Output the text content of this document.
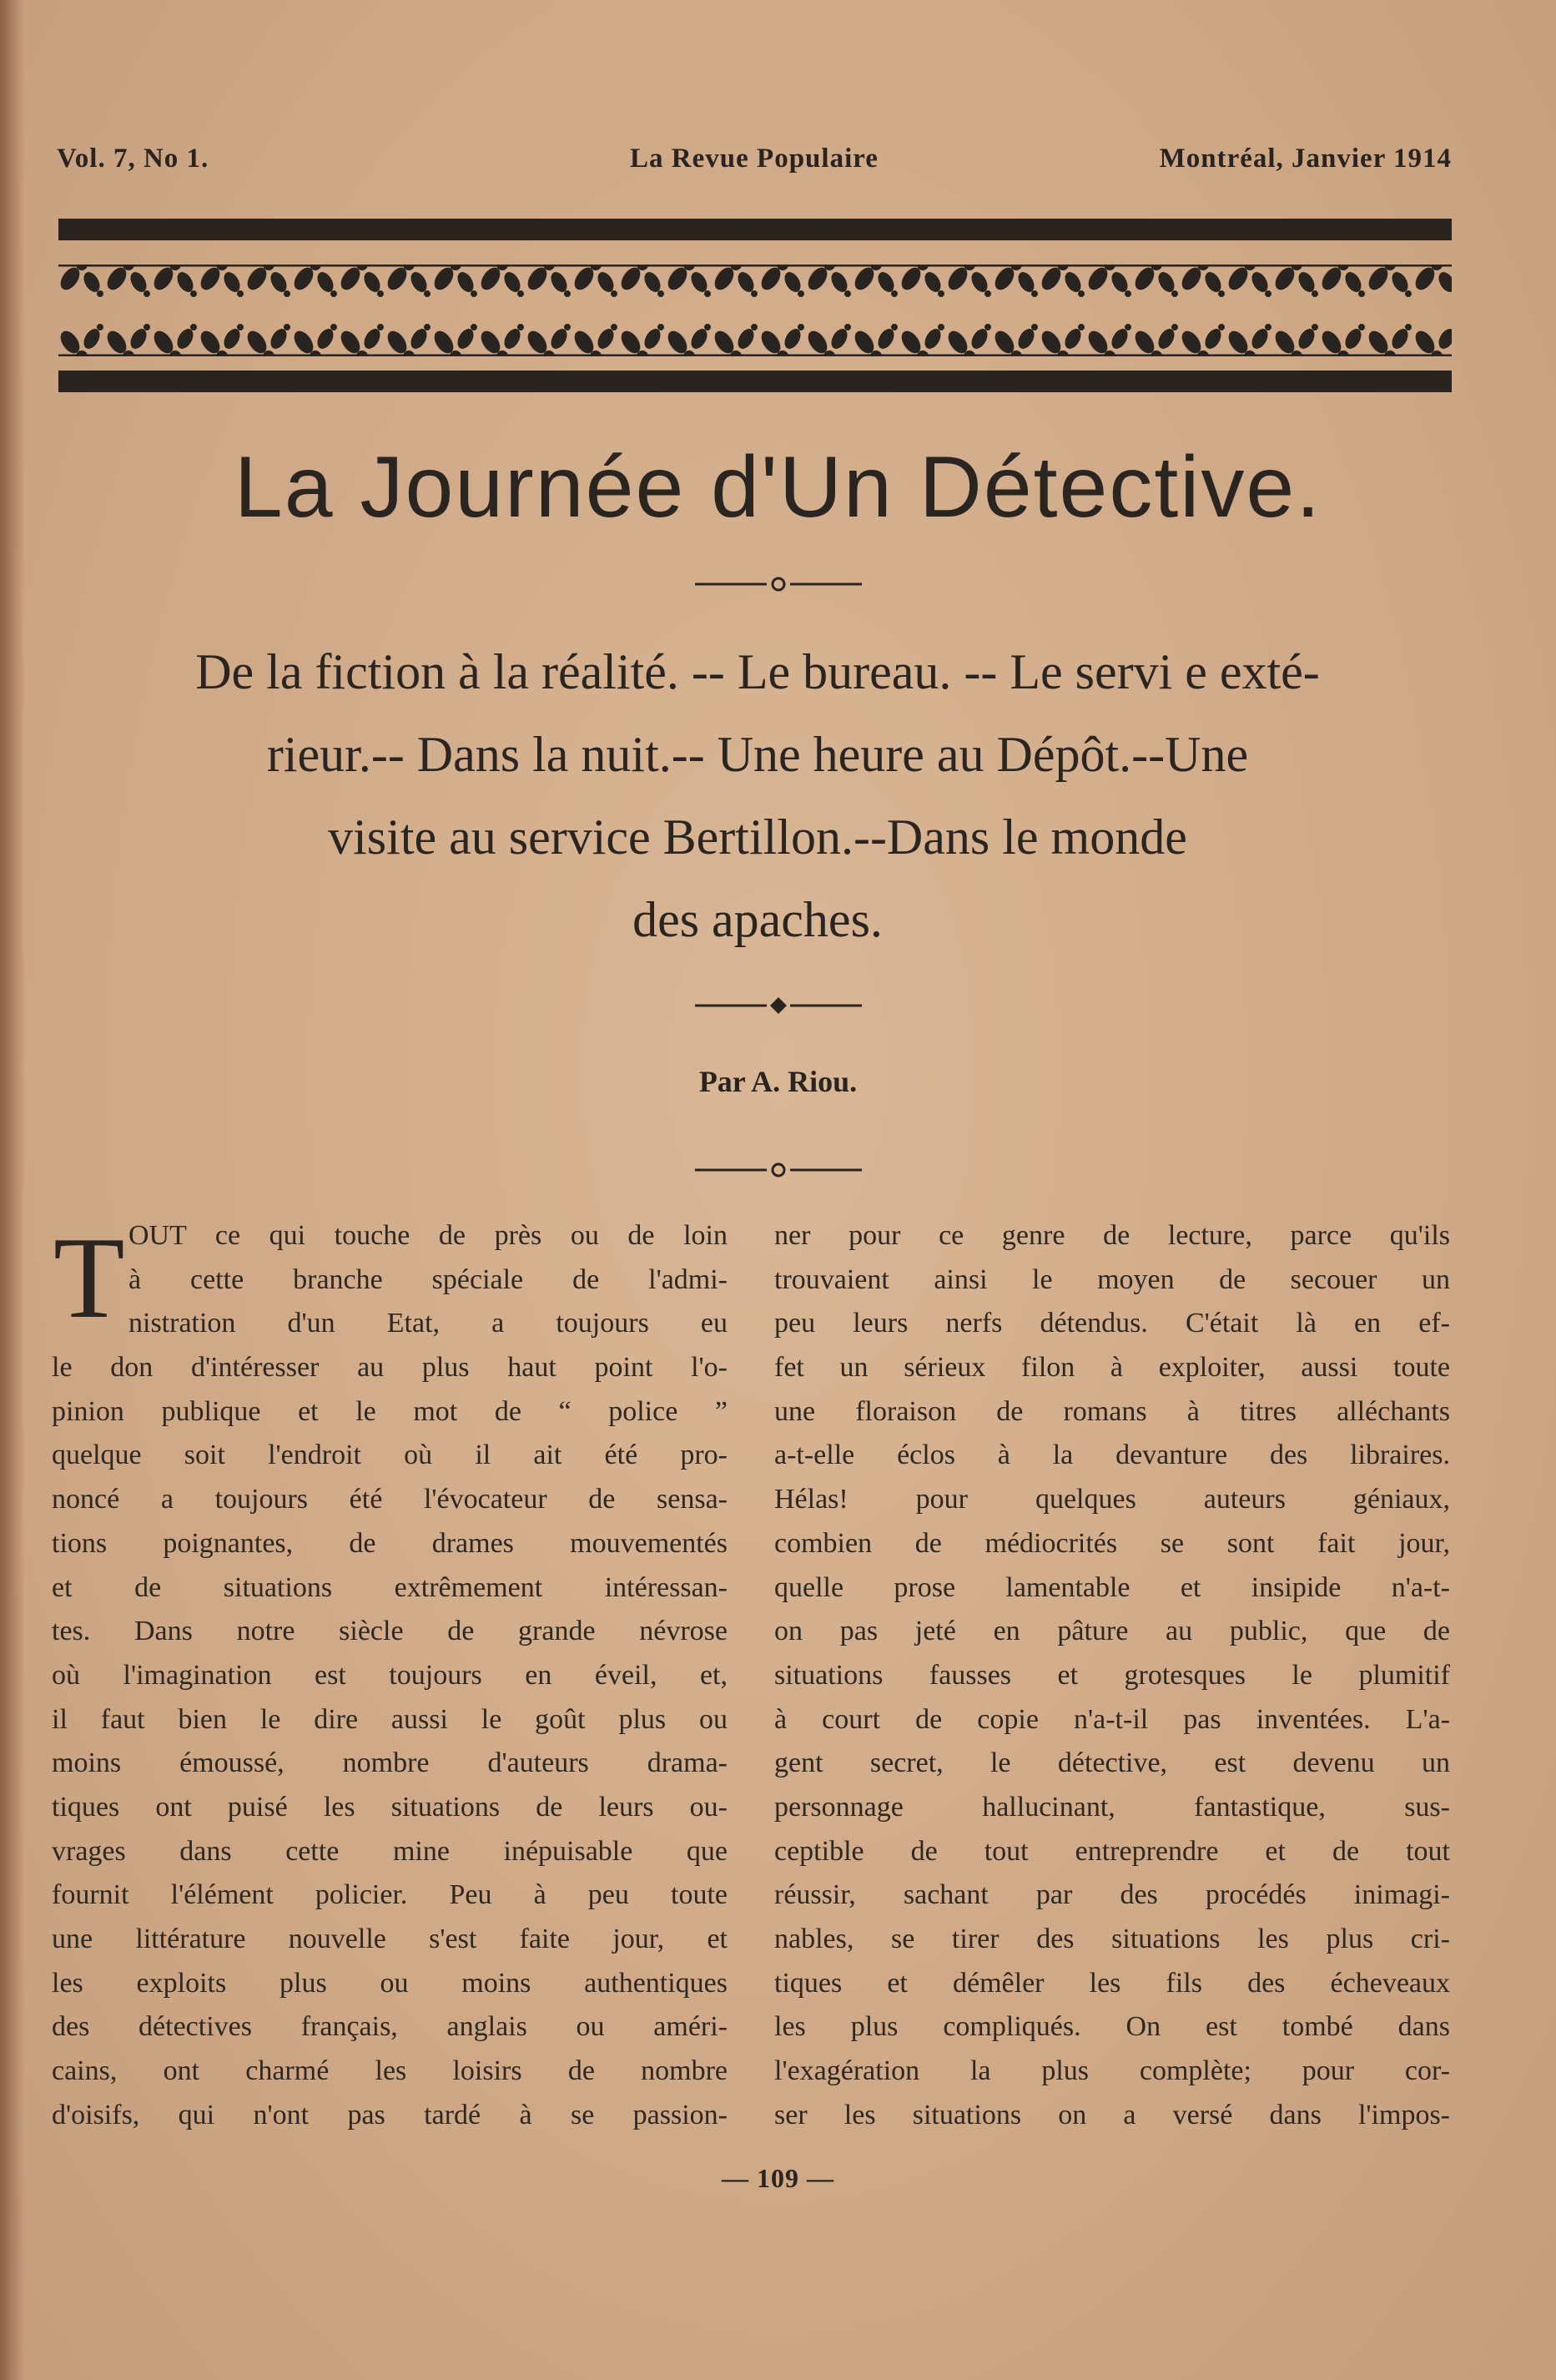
Vol. 7, No 1.	La Revue Populaire	Montréal, Janvier 1914
La Journée d'Un Détective.
De la fiction à la réalité. -- Le bureau. -- Le servi e exté-
rieur.-- Dans la nuit.-- Une heure au Dépôt.--Une
visite au service Bertillon.--Dans le monde
des apaches.
Par A. Riou.
T OUT ce qui touche de près ou de loin
à cette branche spéciale de l'admi-
nistration d'un Etat, a toujours eu
le don d'intéresser au plus haut point l'o-
pinion publique et le mot de “ police ”
quelque soit l'endroit où il ait été pro-
noncé a toujours été l'évocateur de sensa-
tions poignantes, de drames mouvementés
et de situations extrêmement intéressan-
tes. Dans notre siècle de grande névrose
où l'imagination est toujours en éveil, et,
il faut bien le dire aussi le goût plus ou
moins émoussé, nombre d'auteurs drama-
tiques ont puisé les situations de leurs ou-
vrages dans cette mine inépuisable que
fournit l'élément policier. Peu à peu toute
une littérature nouvelle s'est faite jour, et
les exploits plus ou moins authentiques
des détectives français, anglais ou améri-
cains, ont charmé les loisirs de nombre
d'oisifs, qui n'ont pas tardé à se passion-
ner pour ce genre de lecture, parce qu'ils
trouvaient ainsi le moyen de secouer un
peu leurs nerfs détendus. C'était là en ef-
fet un sérieux filon à exploiter, aussi toute
une floraison de romans à titres alléchants
a-t-elle éclos à la devanture des libraires.
Hélas! pour quelques auteurs géniaux,
combien de médiocrités se sont fait jour,
quelle prose lamentable et insipide n'a-t-
on pas jeté en pâture au public, que de
situations fausses et grotesques le plumitif
à court de copie n'a-t-il pas inventées. L'a-
gent secret, le détective, est devenu un
personnage hallucinant, fantastique, sus-
ceptible de tout entreprendre et de tout
réussir, sachant par des procédés inimagi-
nables, se tirer des situations les plus cri-
tiques et démêler les fils des écheveaux
les plus compliqués. On est tombé dans
l'exagération la plus complète; pour cor-
ser les situations on a versé dans l'impos-
— 109 —
